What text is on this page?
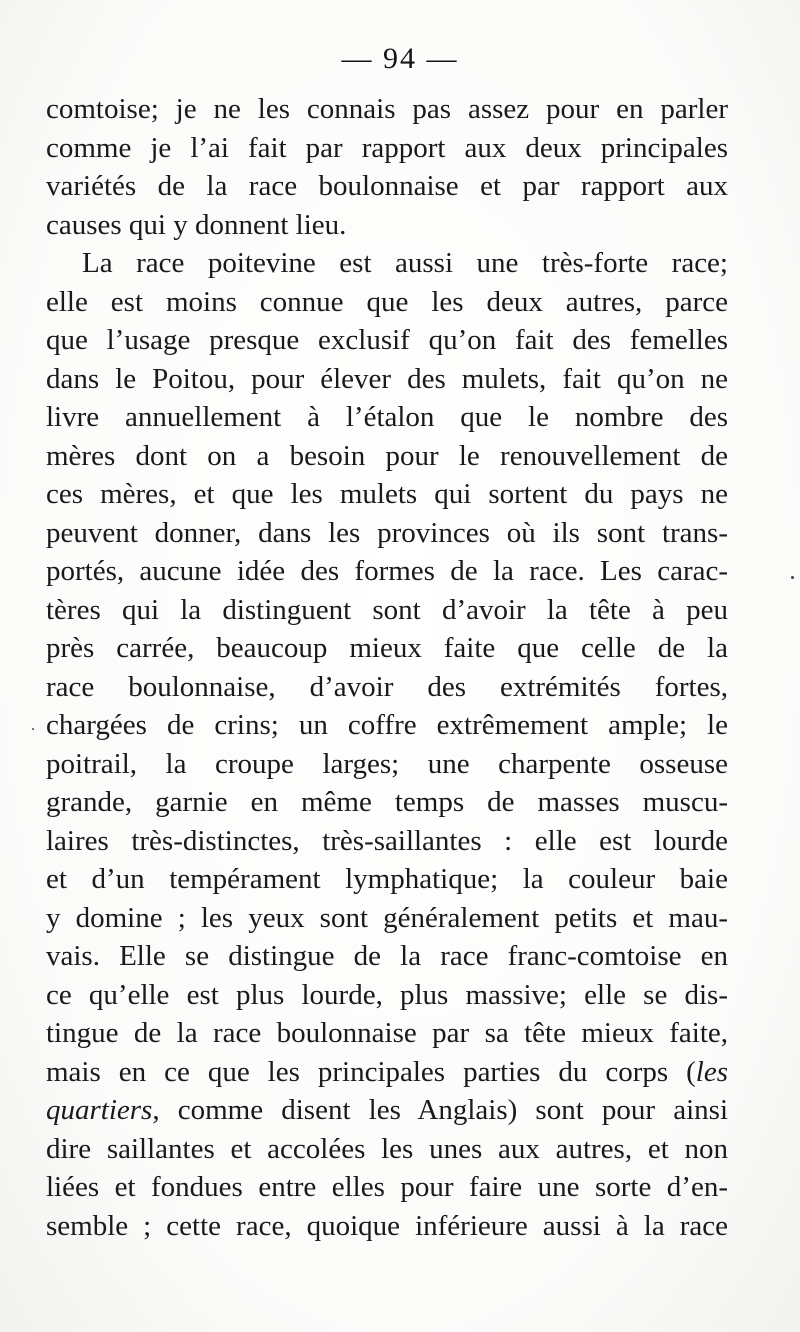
— 94 —
comtoise; je ne les connais pas assez pour en parler
comme je l’ai fait par rapport aux deux principales
variétés de la race boulonnaise et par rapport aux
causes qui y donnent lieu.
La race poitevine est aussi une très-forte race;
elle est moins connue que les deux autres, parce
que l’usage presque exclusif qu’on fait des femelles
dans le Poitou, pour élever des mulets, fait qu’on ne
livre annuellement à l’étalon que le nombre des
mères dont on a besoin pour le renouvellement de
ces mères, et que les mulets qui sortent du pays ne
peuvent donner, dans les provinces où ils sont trans-
portés, aucune idée des formes de la race. Les carac-
tères qui la distinguent sont d’avoir la tête à peu
près carrée, beaucoup mieux faite que celle de la
race boulonnaise, d’avoir des extrémités fortes,
chargées de crins; un coffre extrêmement ample; le
poitrail, la croupe larges; une charpente osseuse
grande, garnie en même temps de masses muscu-
laires très-distinctes, très-saillantes : elle est lourde
et d’un tempérament lymphatique; la couleur baie
y domine ; les yeux sont généralement petits et mau-
vais. Elle se distingue de la race franc-comtoise en
ce qu’elle est plus lourde, plus massive; elle se dis-
tingue de la race boulonnaise par sa tête mieux faite,
mais en ce que les principales parties du corps (les
quartiers, comme disent les Anglais) sont pour ainsi
dire saillantes et accolées les unes aux autres, et non
liées et fondues entre elles pour faire une sorte d’en-
semble ; cette race, quoique inférieure aussi à la race
